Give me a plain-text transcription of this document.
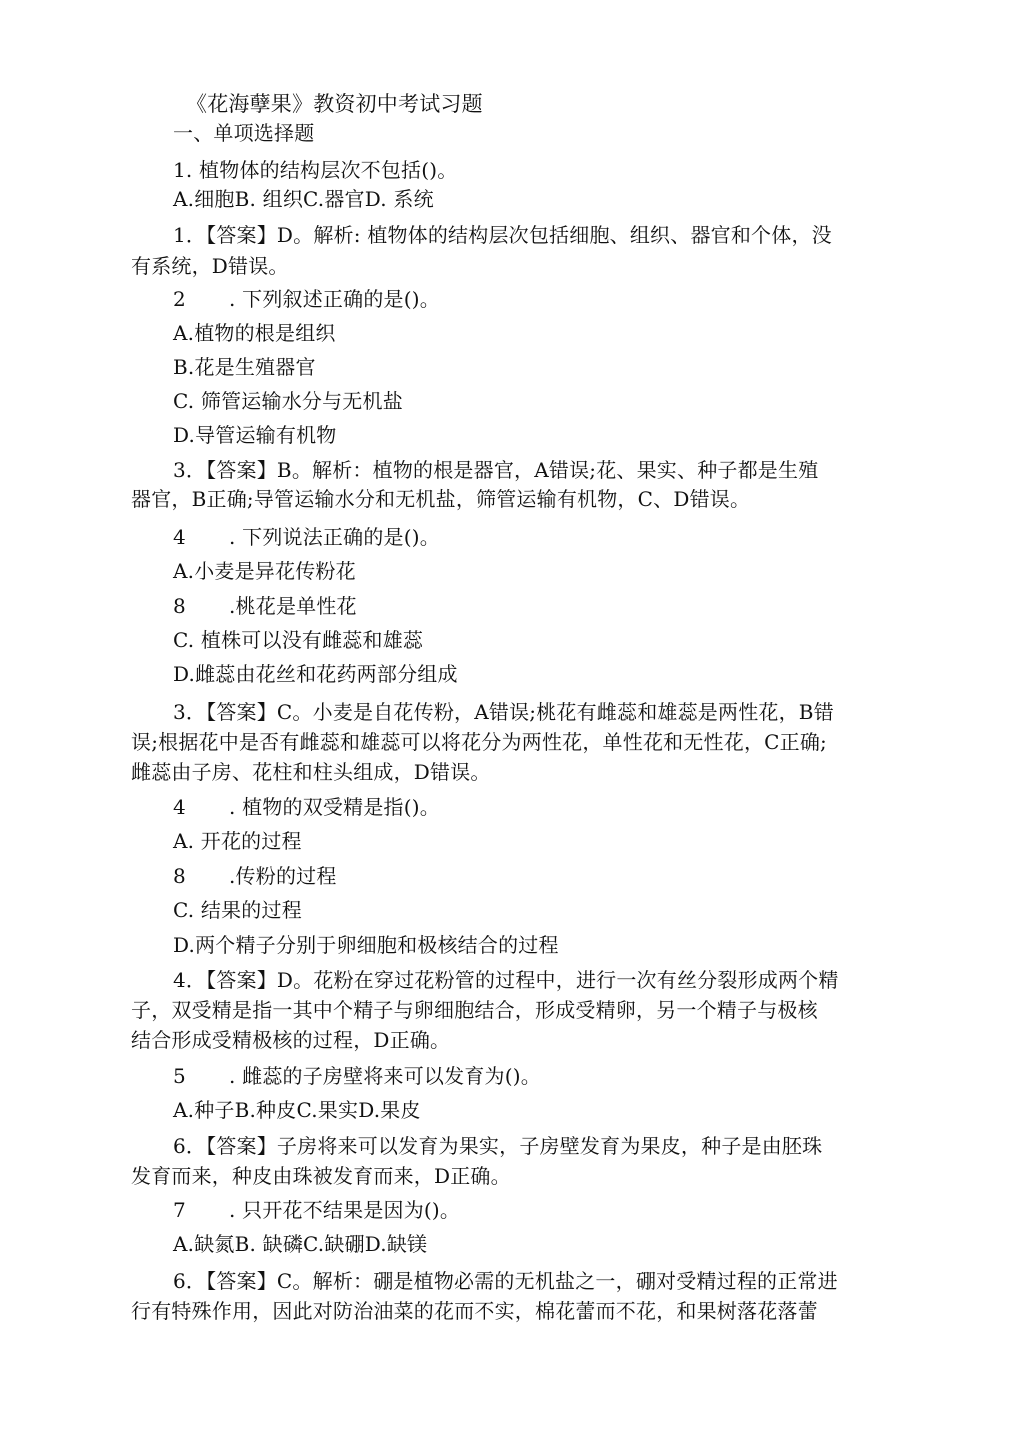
《花海孽果》教资初中考试习题
一、单项选择题
1. 植物体的结构层次不包括()。
A.细胞B. 组织C.器官D. 系统
1．【答案】D。解析: 植物体的结构层次包括细胞、组织、器官和个体，没
有系统，D错误。
2 . 下列叙述正确的是()。
A.植物的根是组织
B.花是生殖器官
C. 筛管运输水分与无机盐
D.导管运输有机物
3．【答案】B。解析：植物的根是器官，A错误;花、果实、种子都是生殖
器官，B正确;导管运输水分和无机盐，筛管运输有机物，C、D错误。
4 . 下列说法正确的是()。
A.小麦是异花传粉花
8 .桃花是单性花
C. 植株可以没有雌蕊和雄蕊
D.雌蕊由花丝和花药两部分组成
3．【答案】C。小麦是自花传粉，A错误;桃花有雌蕊和雄蕊是两性花，B错
误;根据花中是否有雌蕊和雄蕊可以将花分为两性花，单性花和无性花，C正确;
雌蕊由子房、花柱和柱头组成，D错误。
4 . 植物的双受精是指()。
A. 开花的过程
8 .传粉的过程
C. 结果的过程
D.两个精子分别于卵细胞和极核结合的过程
4．【答案】D。花粉在穿过花粉管的过程中，进行一次有丝分裂形成两个精
子，双受精是指一其中个精子与卵细胞结合，形成受精卵，另一个精子与极核
结合形成受精极核的过程，D正确。
5 . 雌蕊的子房壁将来可以发育为()。
A.种子B.种皮C.果实D.果皮
6．【答案】子房将来可以发育为果实，子房壁发育为果皮，种子是由胚珠
发育而来，种皮由珠被发育而来，D正确。
7 . 只开花不结果是因为()。
A.缺氮B. 缺磷C.缺硼D.缺镁
6．【答案】C。解析：硼是植物必需的无机盐之一，硼对受精过程的正常进
行有特殊作用，因此对防治油菜的花而不实，棉花蕾而不花，和果树落花落蕾
